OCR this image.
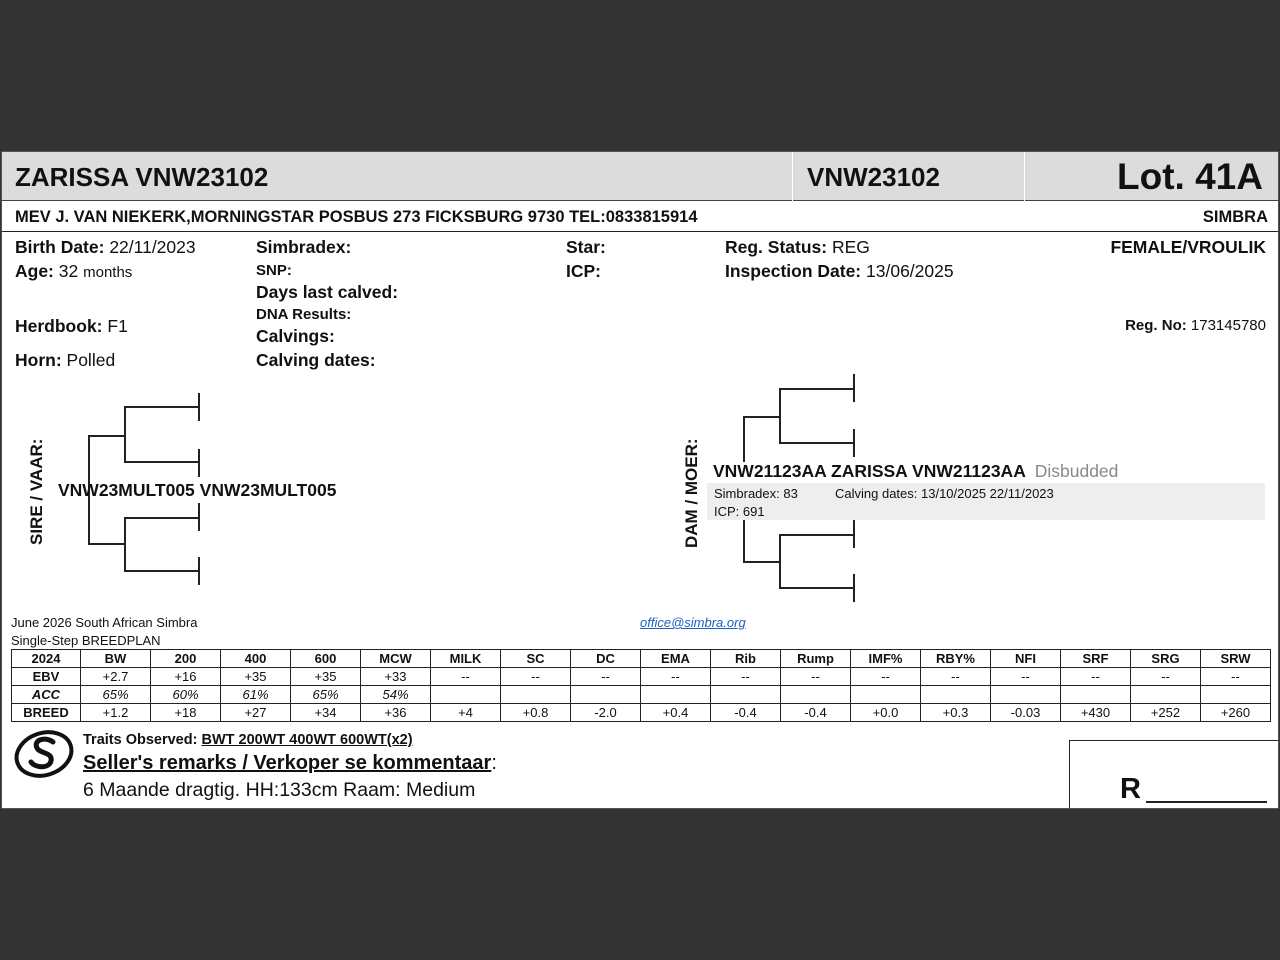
ZARISSA VNW23102	VNW23102	Lot. 41A
MEV J. VAN NIEKERK,MORNINGSTAR POSBUS 273 FICKSBURG 9730 TEL:0833815914	SIMBRA
Birth Date: 22/11/2023
Age: 32 months
Herdbook: F1
Horn: Polled
Simbradex:
SNP:
Days last calved:
DNA Results:
Calvings:
Calving dates:
Star:
ICP:
Reg. Status: REG
Inspection Date: 13/06/2025
FEMALE/VROULIK
Reg. No: 173145780
SIRE / VAAR: VNW23MULT005 VNW23MULT005	DAM / MOER: VNW21123AA ZARISSA VNW21123AA Disbudded
Simbradex: 83	Calving dates: 13/10/2025 22/11/2023
ICP: 691
June 2026 South African Simbra
Single-Step BREEDPLAN
office@simbra.org
2024	BW	200	400	600	MCW	MILK	SC	DC	EMA	Rib	Rump	IMF%	RBY%	NFI	SRF	SRG	SRW
EBV	+2.7	+16	+35	+35	+33	--	--	--	--	--	--	--	--	--	--	--	--
ACC	65%	60%	61%	65%	54%												
BREED	+1.2	+18	+27	+34	+36	+4	+0.8	-2.0	+0.4	-0.4	-0.4	+0.0	+0.3	-0.03	+430	+252	+260
Traits Observed: BWT 200WT 400WT 600WT(x2)
Seller's remarks / Verkoper se kommentaar:
6 Maande dragtig. HH:133cm Raam: Medium	R
